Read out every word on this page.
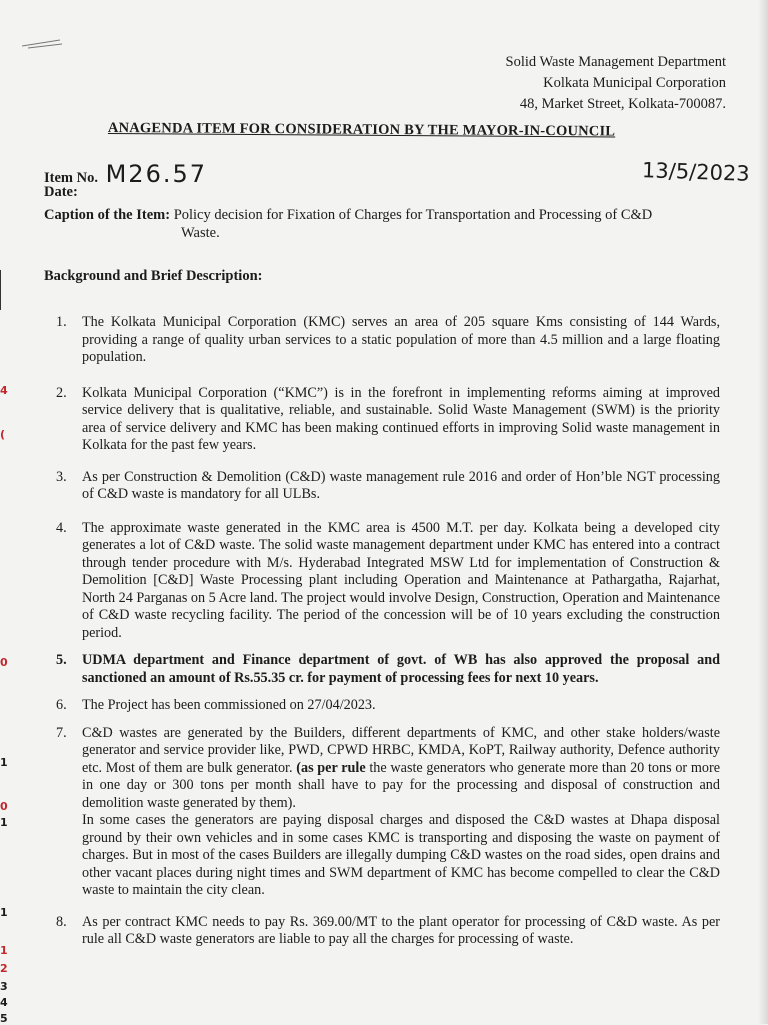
Solid Waste Management Department
Kolkata Municipal Corporation
48, Market Street, Kolkata-700087.
ANAGENDA ITEM FOR CONSIDERATION BY THE MAYOR-IN-COUNCIL
Item No. M26.57	13/5/2023
Date:
Caption of the Item: Policy decision for Fixation of Charges for Transportation and Processing of C&D
Waste.
Background and Brief Description:
1. The Kolkata Municipal Corporation (KMC) serves an area of 205 square Kms consisting of 144 Wards, providing a range of quality urban services to a static population of more than 4.5 million and a large floating population.

2. Kolkata Municipal Corporation (“KMC”) is in the forefront in implementing reforms aiming at improved service delivery that is qualitative, reliable, and sustainable. Solid Waste Management (SWM) is the priority area of service delivery and KMC has been making continued efforts in improving Solid waste management in Kolkata for the past few years.

3. As per Construction & Demolition (C&D) waste management rule 2016 and order of Hon’ble NGT processing of C&D waste is mandatory for all ULBs.

4. The approximate waste generated in the KMC area is 4500 M.T. per day. Kolkata being a developed city generates a lot of C&D waste. The solid waste management department under KMC has entered into a contract through tender procedure with M/s. Hyderabad Integrated MSW Ltd for implementation of Construction & Demolition [C&D] Waste Processing plant including Operation and Maintenance at Pathargatha, Rajarhat, North 24 Parganas on 5 Acre land. The project would involve Design, Construction, Operation and Maintenance of C&D waste recycling facility. The period of the concession will be of 10 years excluding the construction period.

5. UDMA department and Finance department of govt. of WB has also approved the proposal and sanctioned an amount of Rs.55.35 cr. for payment of processing fees for next 10 years.

6. The Project has been commissioned on 27/04/2023.

7. C&D wastes are generated by the Builders, different departments of KMC, and other stake holders/waste generator and service provider like, PWD, CPWD HRBC, KMDA, KoPT, Railway authority, Defence authority etc. Most of them are bulk generator. (as per rule the waste generators who generate more than 20 tons or more in one day or 300 tons per month shall have to pay for the processing and disposal of construction and demolition waste generated by them).

In some cases the generators are paying disposal charges and disposed the C&D wastes at Dhapa disposal ground by their own vehicles and in some cases KMC is transporting and disposing the waste on payment of charges. But in most of the cases Builders are illegally dumping C&D wastes on the road sides, open drains and other vacant places during night times and SWM department of KMC has become compelled to clear the C&D waste to maintain the city clean.

8. As per contract KMC needs to pay Rs. 369.00/MT to the plant operator for processing of C&D waste. As per rule all C&D waste generators are liable to pay all the charges for processing of waste.

4
(
0
1
0
1
1
1
2
3
4
5
